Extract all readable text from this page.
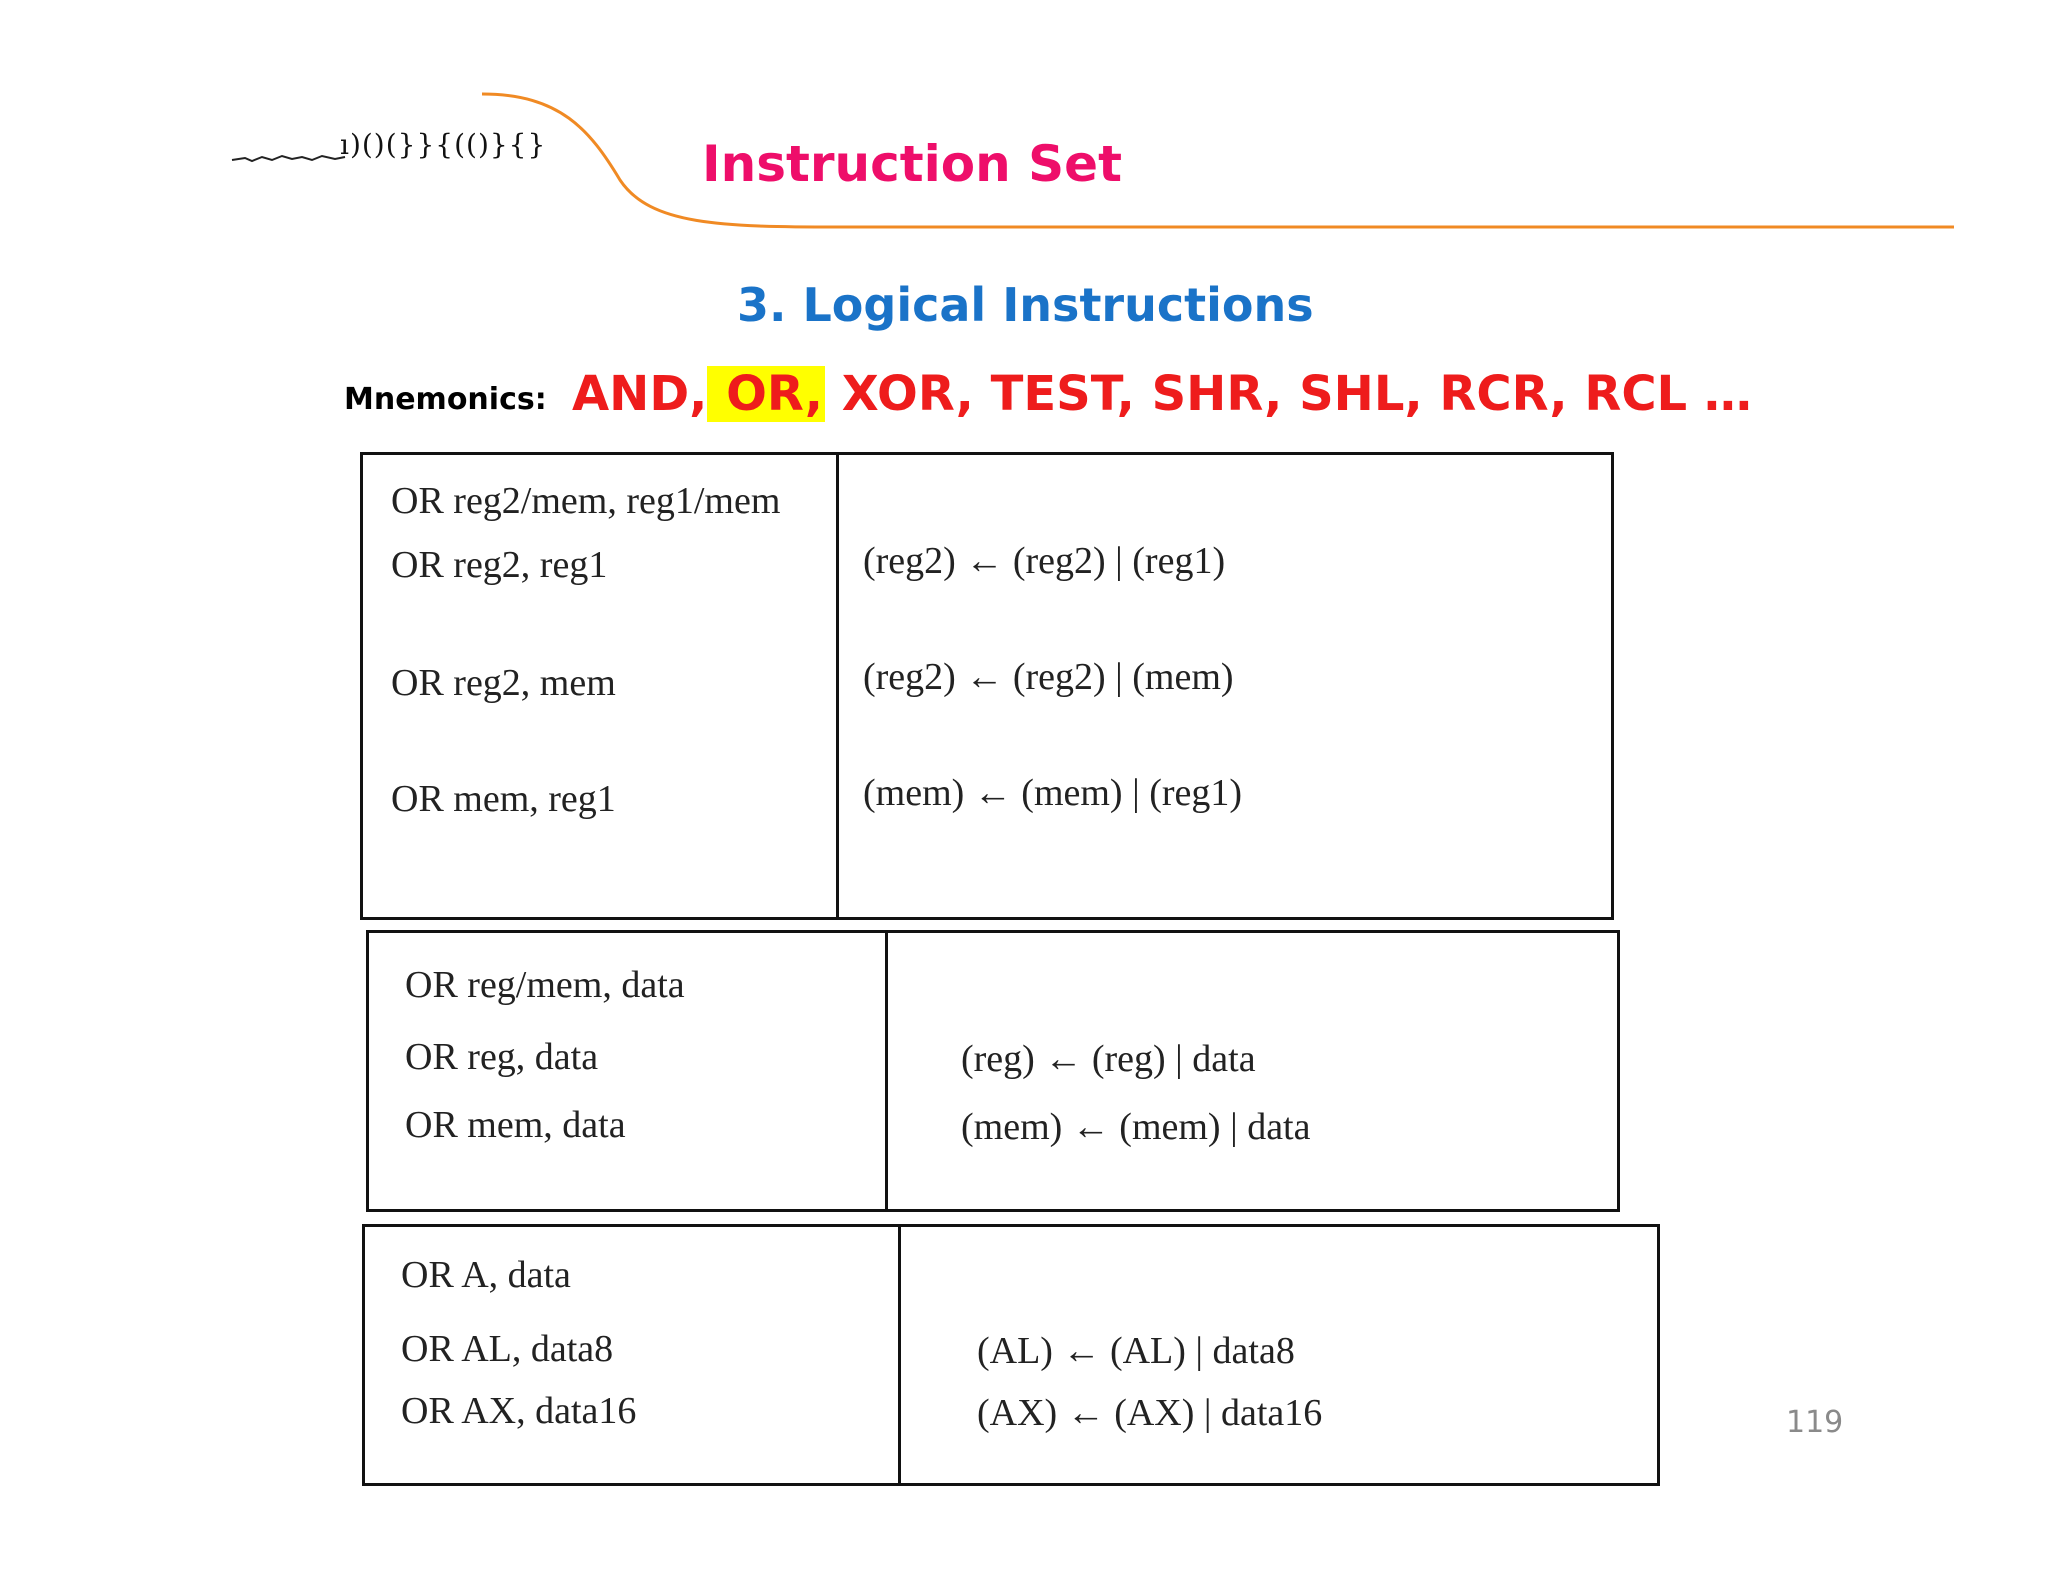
ı)()(}}{(()}{}	Instruction Set
3. Logical Instructions
Mnemonics: AND, OR, XOR, TEST, SHR, SHL, RCR, RCL …
OR reg2/mem, reg1/mem
OR reg2, reg1
OR reg2, mem
OR mem, reg1
(reg2) ← (reg2) | (reg1)
(reg2) ← (reg2) | (mem)
(mem) ← (mem) | (reg1)
OR reg/mem, data
OR reg, data
OR mem, data
(reg) ← (reg) | data
(mem) ← (mem) | data
OR A, data
OR AL, data8
OR AX, data16
(AL) ← (AL) | data8
(AX) ← (AX) | data16	119
